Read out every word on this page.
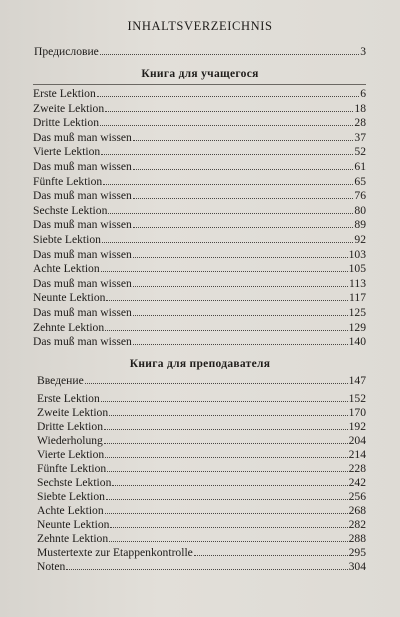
INHALTSVERZEICHNIS
Предисловие	3
Книга для учащегося
Erste Lektion	6
Zweite Lektion	18
Dritte Lektion	28
Das muß man wissen	37
Vierte Lektion	52
Das muß man wissen	61
Fünfte Lektion	65
Das muß man wissen	76
Sechste Lektion	80
Das muß man wissen	89
Siebte Lektion	92
Das muß man wissen	103
Achte Lektion	105
Das muß man wissen	113
Neunte Lektion	117
Das muß man wissen	125
Zehnte Lektion	129
Das muß man wissen	140
Книга для преподавателя
Введение	147
Erste Lektion	152
Zweite Lektion	170
Dritte Lektion	192
Wiederholung	204
Vierte Lektion	214
Fünfte Lektion	228
Sechste Lektion	242
Siebte Lektion	256
Achte Lektion	268
Neunte Lektion	282
Zehnte Lektion	288
Mustertexte zur Etappenkontrolle	295
Noten	304
